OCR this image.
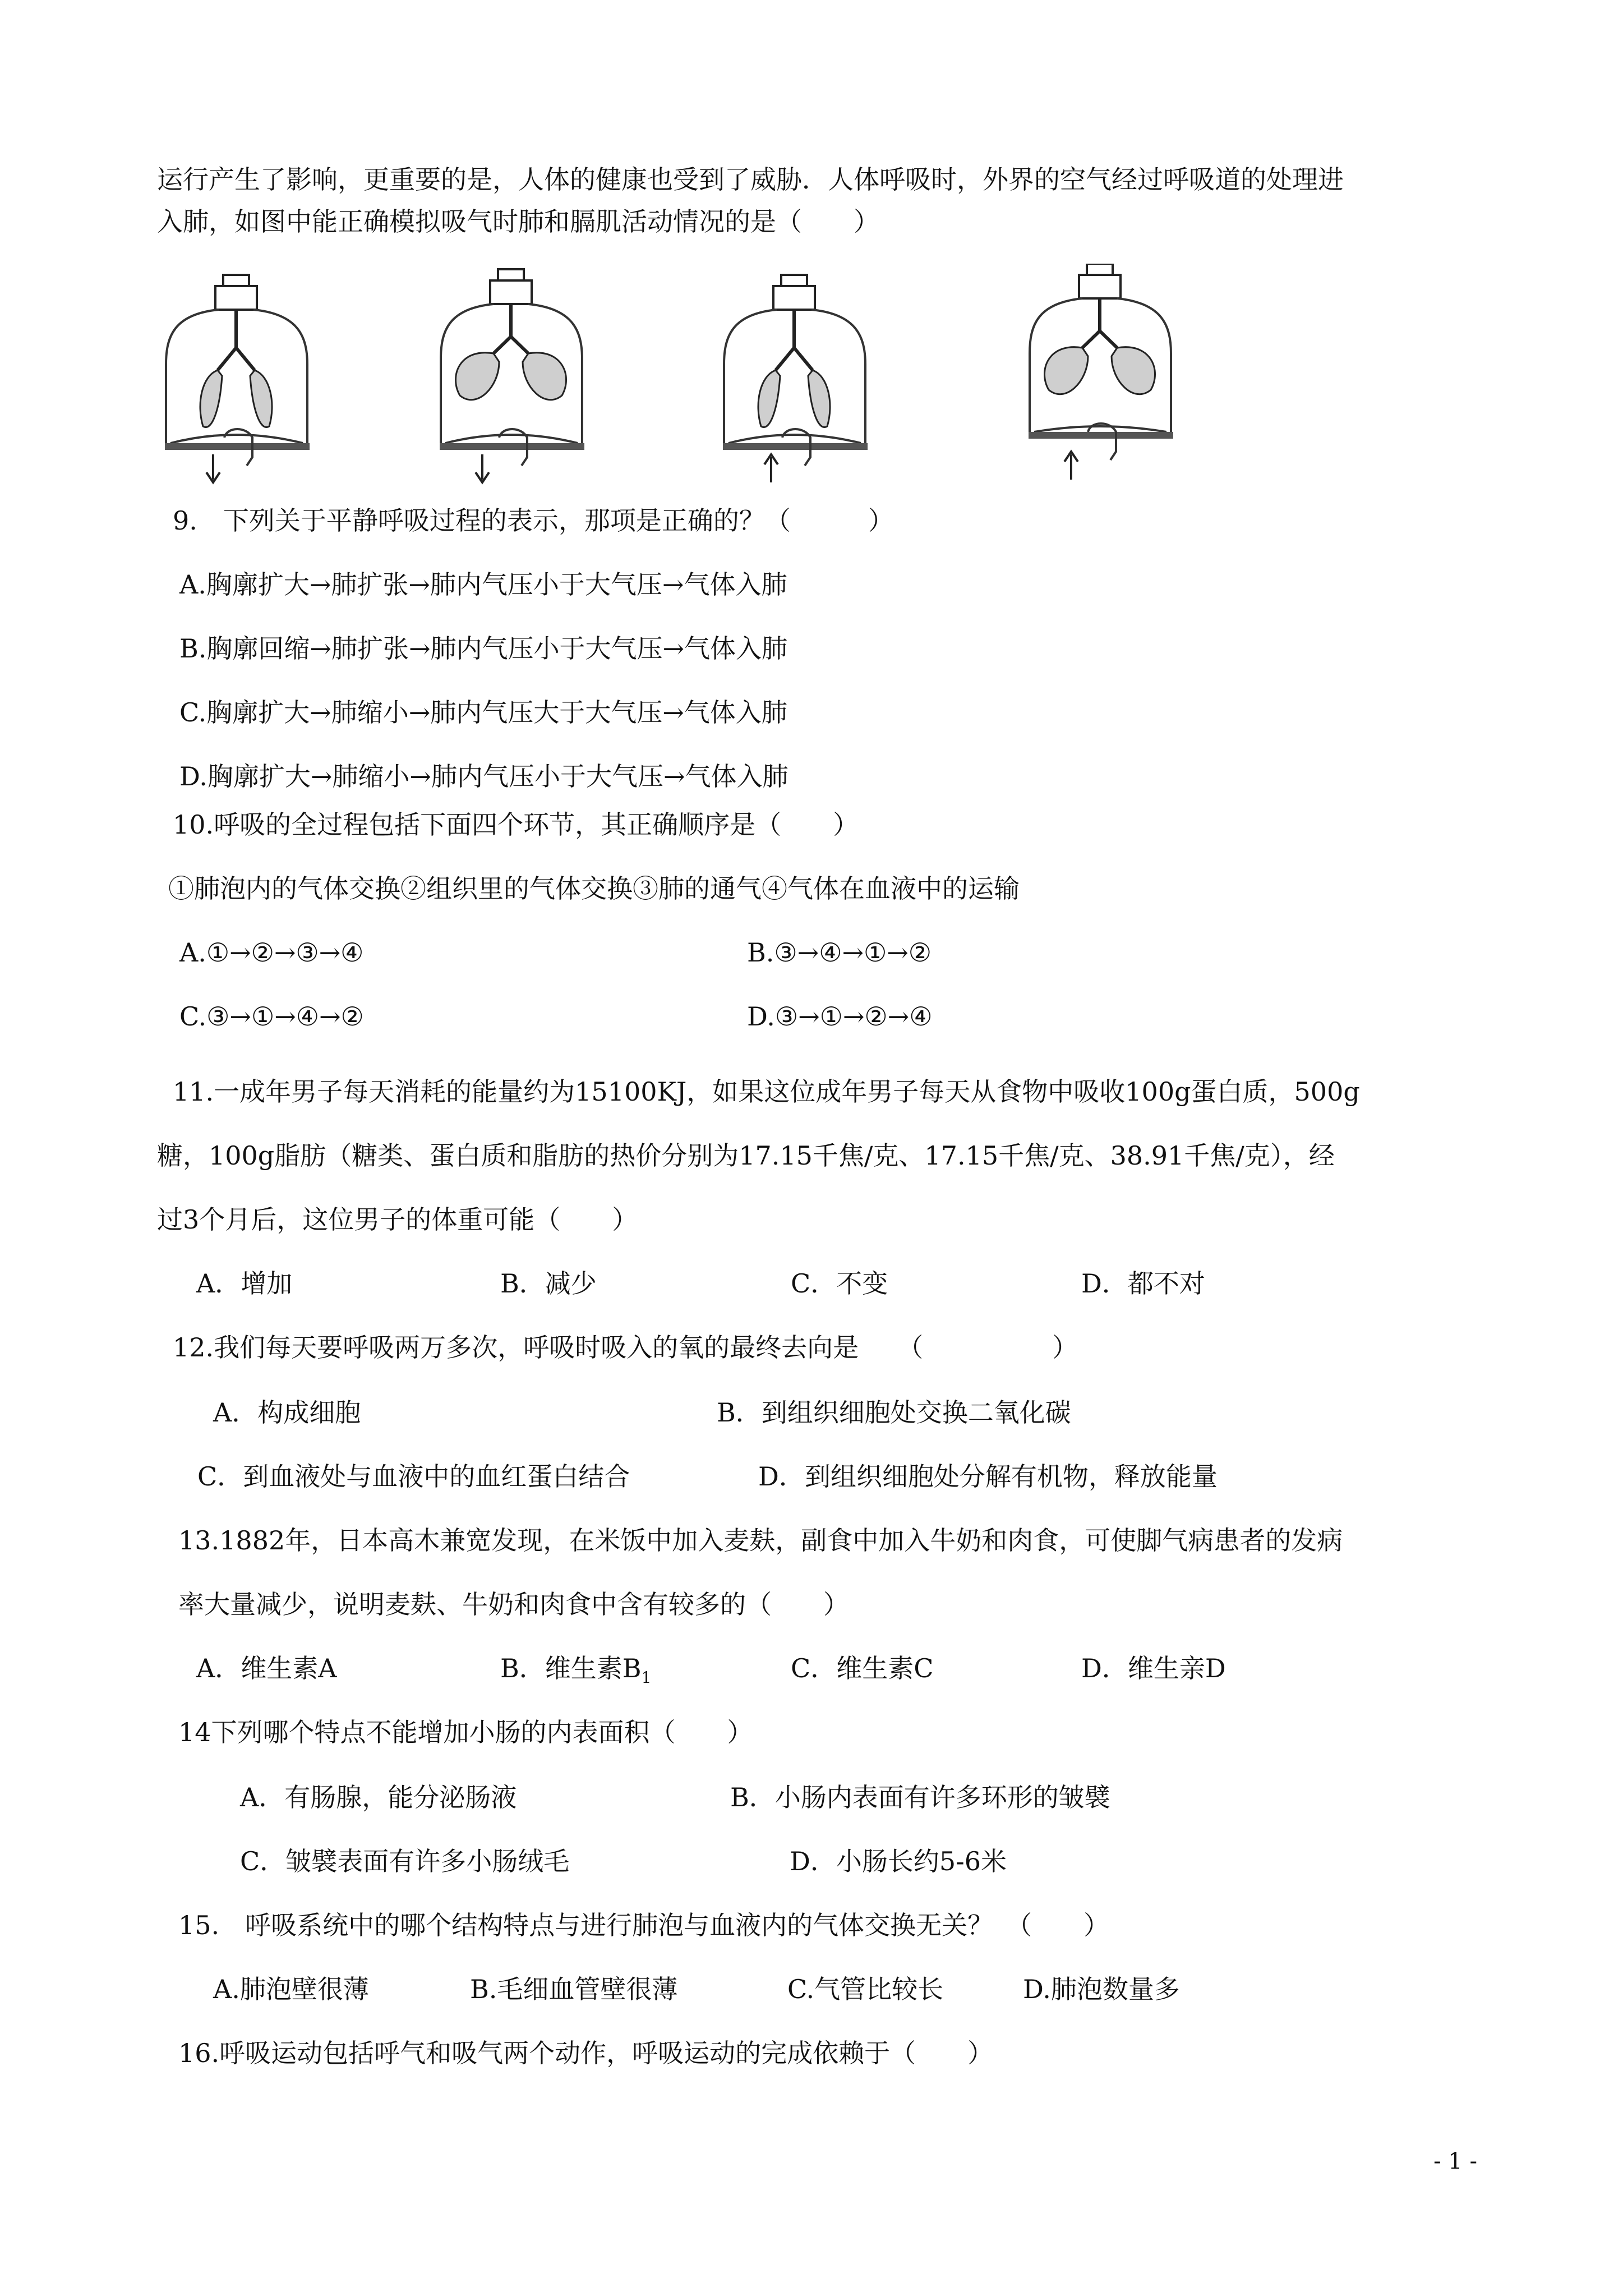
运行产生了影响，更重要的是，人体的健康也受到了威胁．人体呼吸时，外界的空气经过呼吸道的处理进
入肺，如图中能正确模拟吸气时肺和膈肌活动情况的是（　　）
9.　下列关于平静呼吸过程的表示，那项是正确的？（　　　）
A.胸廓扩大→肺扩张→肺内气压小于大气压→气体入肺
B.胸廓回缩→肺扩张→肺内气压小于大气压→气体入肺
C.胸廓扩大→肺缩小→肺内气压大于大气压→气体入肺
D.胸廓扩大→肺缩小→肺内气压小于大气压→气体入肺
10.呼吸的全过程包括下面四个环节，其正确顺序是（　　）
①肺泡内的气体交换②组织里的气体交换③肺的通气④气体在血液中的运输
A.①→②→③→④	B.③→④→①→②
C.③→①→④→②	D.③→①→②→④
11.一成年男子每天消耗的能量约为15100KJ，如果这位成年男子每天从食物中吸收100g蛋白质，500g
糖，100g脂肪（糖类、蛋白质和脂肪的热价分别为17.15千焦/克、17.15千焦/克、38.91千焦/克），经
过3个月后，这位男子的体重可能（　　）
A．增加	B．减少	C．不变	D．都不对
12.我们每天要呼吸两万多次，呼吸时吸入的氧的最终去向是　　（　　　　　）
A．构成细胞	B．到组织细胞处交换二氧化碳
C．到血液处与血液中的血红蛋白结合	D．到组织细胞处分解有机物，释放能量
13.1882年，日本高木兼宽发现，在米饭中加入麦麸，副食中加入牛奶和肉食，可使脚气病患者的发病
率大量减少，说明麦麸、牛奶和肉食中含有较多的（　　）
A．维生素A	B．维生素$B_1$	C．维生素C	D．维生亲D
14下列哪个特点不能增加小肠的内表面积（　　）
A．有肠腺，能分泌肠液	B．小肠内表面有许多环形的皱襞
C．皱襞表面有许多小肠绒毛	D．小肠长约5-6米
15.　呼吸系统中的哪个结构特点与进行肺泡与血液内的气体交换无关？　（　　）
A.肺泡壁很薄	B.毛细血管壁很薄	C.气管比较长	D.肺泡数量多
16.呼吸运动包括呼气和吸气两个动作，呼吸运动的完成依赖于（　　）
- 1 -
